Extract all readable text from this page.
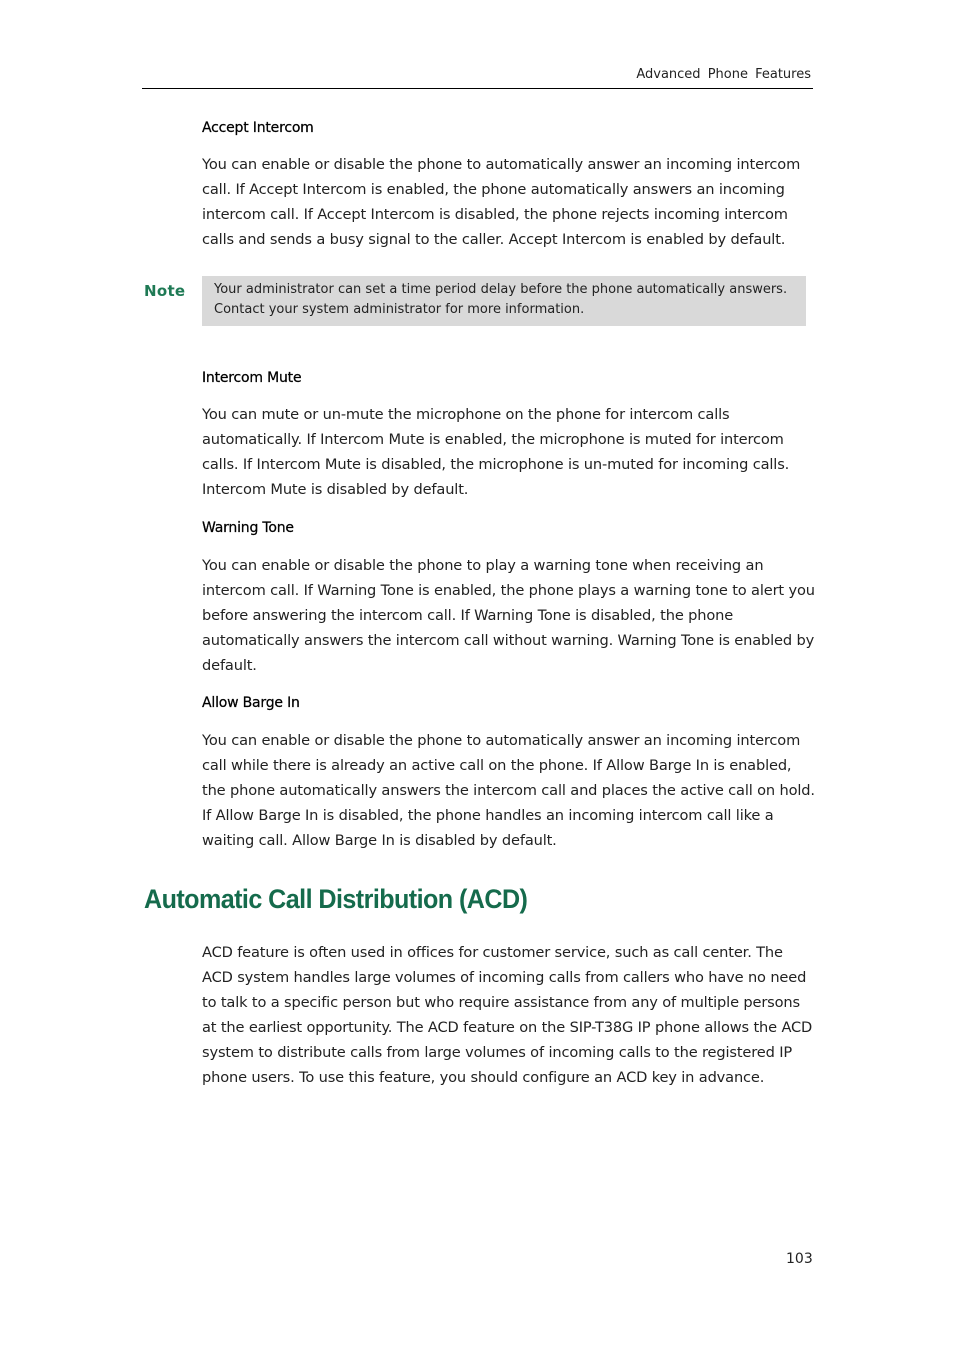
Advanced Phone Features
Accept Intercom

You can enable or disable the phone to automatically answer an incoming intercom call. If Accept Intercom is enabled, the phone automatically answers an incoming intercom call. If Accept Intercom is disabled, the phone rejects incoming intercom calls and sends a busy signal to the caller. Accept Intercom is enabled by default.

Note	Your administrator can set a time period delay before the phone automatically answers. Contact your system administrator for more information.
Intercom Mute

You can mute or un-mute the microphone on the phone for intercom calls automatically. If Intercom Mute is enabled, the microphone is muted for intercom calls. If Intercom Mute is disabled, the microphone is un-muted for incoming calls. Intercom Mute is disabled by default.

Warning Tone

You can enable or disable the phone to play a warning tone when receiving an intercom call. If Warning Tone is enabled, the phone plays a warning tone to alert you before answering the intercom call. If Warning Tone is disabled, the phone automatically answers the intercom call without warning. Warning Tone is enabled by default.

Allow Barge In

You can enable or disable the phone to automatically answer an incoming intercom call while there is already an active call on the phone. If Allow Barge In is enabled, the phone automatically answers the intercom call and places the active call on hold. If Allow Barge In is disabled, the phone handles an incoming intercom call like a waiting call. Allow Barge In is disabled by default.

Automatic Call Distribution (ACD)

ACD feature is often used in offices for customer service, such as call center. The ACD system handles large volumes of incoming calls from callers who have no need to talk to a specific person but who require assistance from any of multiple persons at the earliest opportunity. The ACD feature on the SIP-T38G IP phone allows the ACD system to distribute calls from large volumes of incoming calls to the registered IP phone users. To use this feature, you should configure an ACD key in advance.

103
